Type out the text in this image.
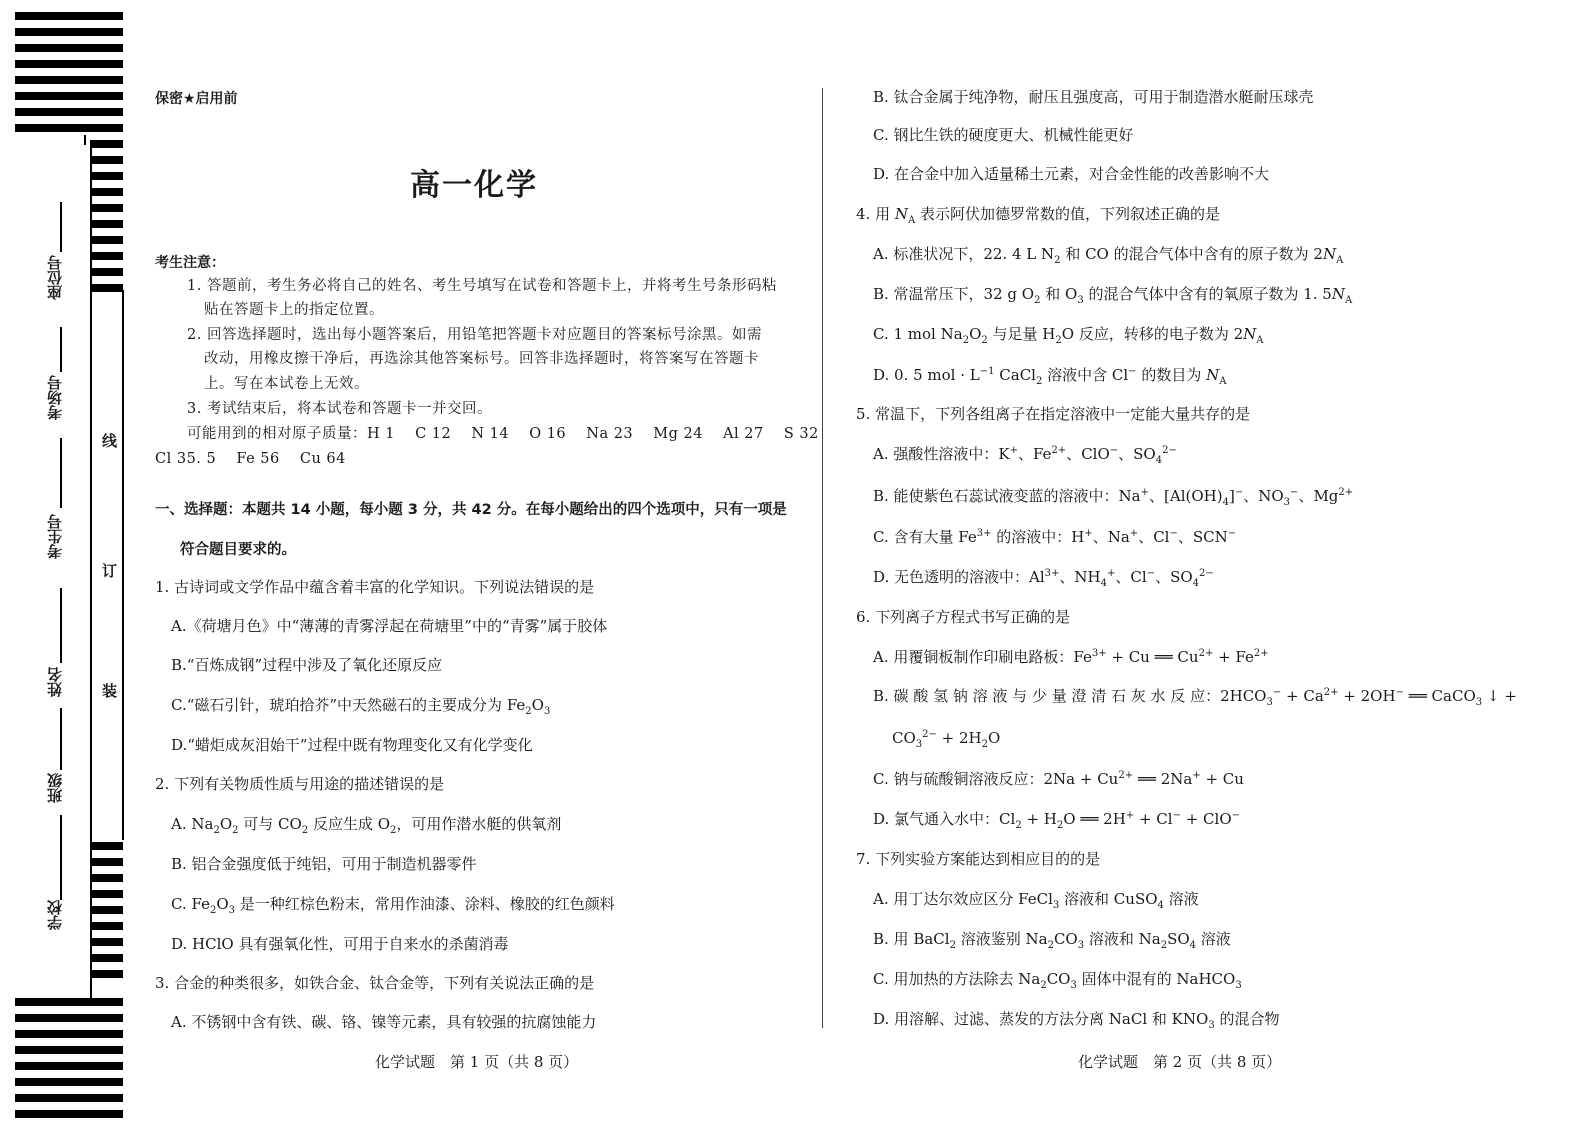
座位号
考场号
考生号
姓名
班级
学校
线
订
装
保密★启用前
高一化学
考生注意：
1. 答题前，考生务必将自己的姓名、考生号填写在试卷和答题卡上，并将考生号条形码粘
贴在答题卡上的指定位置。
2. 回答选择题时，选出每小题答案后，用铅笔把答题卡对应题目的答案标号涂黑。如需
改动，用橡皮擦干净后，再选涂其他答案标号。回答非选择题时，将答案写在答题卡
上。写在本试卷上无效。
3. 考试结束后，将本试卷和答题卡一并交回。
可能用到的相对原子质量：H 1　 C 12　 N 14　 O 16　 Na 23　 Mg 24　 Al 27　 S 32
Cl 35. 5　 Fe 56　 Cu 64
一、选择题：本题共 14 小题，每小题 3 分，共 42 分。在每小题给出的四个选项中，只有一项是
符合题目要求的。
1. 古诗词或文学作品中蕴含着丰富的化学知识。下列说法错误的是
A.《荷塘月色》中“薄薄的青雾浮起在荷塘里”中的“青雾”属于胶体
B.“百炼成钢”过程中涉及了氧化还原反应
C.“磁石引针，琥珀拾芥”中天然磁石的主要成分为 $Fe_2O_3$
D.“蜡炬成灰泪始干”过程中既有物理变化又有化学变化
2. 下列有关物质性质与用途的描述错误的是
A. $Na_2O_2$ 可与 $CO_2$ 反应生成 $O_2$，可用作潜水艇的供氧剂
B. 铝合金强度低于纯铝，可用于制造机器零件
C. $Fe_2O_3$ 是一种红棕色粉末，常用作油漆、涂料、橡胶的红色颜料
D. HClO 具有强氧化性，可用于自来水的杀菌消毒
3. 合金的种类很多，如铁合金、钛合金等，下列有关说法正确的是
A. 不锈钢中含有铁、碳、铬、镍等元素，具有较强的抗腐蚀能力
化学试题　第 1 页（共 8 页）
B. 钛合金属于纯净物，耐压且强度高，可用于制造潜水艇耐压球壳
C. 钢比生铁的硬度更大、机械性能更好
D. 在合金中加入适量稀土元素，对合金性能的改善影响不大
4. 用 $N_A$ 表示阿伏加德罗常数的值，下列叙述正确的是
A. 标准状况下，22. 4 L $N_2$ 和 CO 的混合气体中含有的原子数为 $2N_A$
B. 常温常压下，32 g $O_2$ 和 $O_3$ 的混合气体中含有的氧原子数为 1. $5N_A$
C. 1 mol $Na_2O_2$ 与足量 $H_2O$ 反应，转移的电子数为 $2N_A$
D. 0. 5 mol · $L^{-1}$ CaCl$_2$ 溶液中含 Cl− 的数目为 $N_A$
5. 常温下，下列各组离子在指定溶液中一定能大量共存的是
A. 强酸性溶液中：K+、$Fe^{2+}$、ClO−、$SO_4^{2-}$
B. 能使紫色石蕊试液变蓝的溶液中：Na+、$[Al(OH)_4]^-$、$NO_3^-$、$Mg^{2+}$
C. 含有大量 $Fe^{3+}$ 的溶液中：H+、Na+、Cl−、SCN−
D. 无色透明的溶液中：$Al^{3+}$、$NH_4^+$、Cl−、$SO_4^{2-}$
6. 下列离子方程式书写正确的是
A. 用覆铜板制作印刷电路板：$Fe^{3+} + Cu$ ══ $Cu^{2+} + Fe^{2+}$
B. 碳 酸 氢 钠 溶 液 与 少 量 澄 清 石 灰 水 反 应：$2HCO_3^- + Ca^{2+} + 2OH^-$ ══ CaCO$_3$ ↓ +
$CO_3^{2-} + 2H_2O$
C. 钠与硫酸铜溶液反应：$2Na + Cu^{2+}$ ══ 2Na+ + Cu
D. 氯气通入水中：$Cl_2 + H_2O$ ══ 2H+ + Cl− + ClO−
7. 下列实验方案能达到相应目的的是
A. 用丁达尔效应区分 FeCl$_3$ 溶液和 CuSO$_4$ 溶液
B. 用 BaCl$_2$ 溶液鉴别 $Na_2CO_3$ 溶液和 $Na_2SO_4$ 溶液
C. 用加热的方法除去 $Na_2CO_3$ 固体中混有的 NaHCO$_3$
D. 用溶解、过滤、蒸发的方法分离 NaCl 和 $KNO_3$ 的混合物
化学试题　第 2 页（共 8 页）
